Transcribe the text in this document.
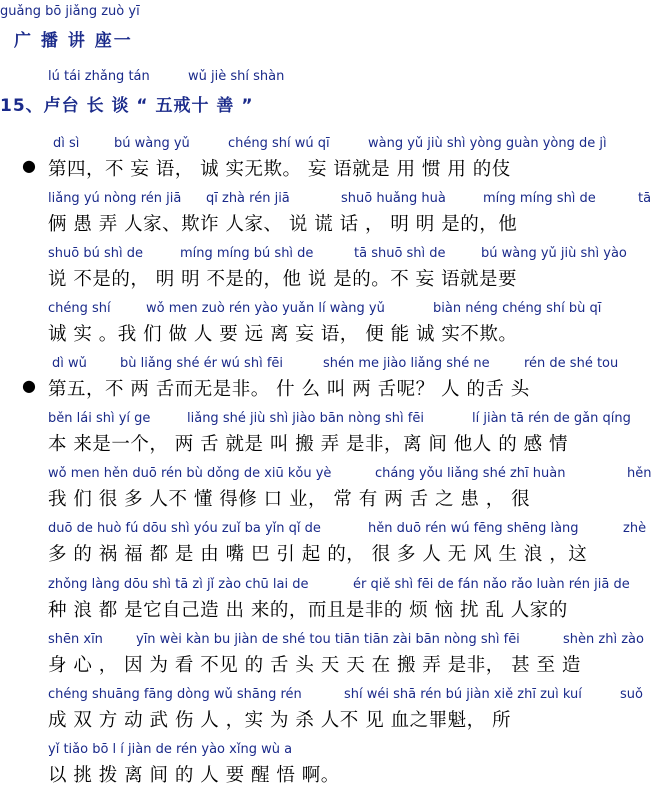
guǎng bō jiǎng zuò yī
广 播 讲 座一
lú tái zhǎng tán	wǔ jiè shí shàn
15、卢台 长 谈 “ 五戒十 善 ”
●
dì sì	bú wàng yǔ	chéng shí wú qī	wàng yǔ jiù shì yòng guàn yòng de jì
第四，不 妄 语， 诚 实无欺。 妄 语就是 用 惯 用 的伎
liǎng yú nòng rén jiā qī zhà rén jiā	shuō huǎng huà	míng míng shì de	tā
俩 愚 弄 人家、欺诈 人家、 说 谎 话 ， 明 明 是的，他
shuō bú shì de	míng míng bú shì de	tā shuō shì de	bú wàng yǔ jiù shì yào
说 不是的， 明 明 不是的，他 说 是的。不 妄 语就是要
chéng shí	wǒ men zuò rén yào yuǎn lí wàng yǔ	biàn néng chéng shí bù qī
诚 实 。我 们 做 人 要 远 离 妄 语， 便 能 诚 实不欺。
●
dì wǔ	bù liǎng shé ér wú shì fēi	shén me jiào liǎng shé ne	rén de shé tou
第五，不 两 舌而无是非。 什 么 叫 两 舌呢？ 人 的舌 头
běn lái shì yí ge	liǎng shé jiù shì jiào bān nòng shì fēi	lí jiàn tā rén de gǎn qíng
本 来是一个， 两 舌 就是 叫 搬 弄 是非，离 间 他人 的 感 情
wǒ men hěn duō rén bù dǒng de xiū kǒu yè	cháng yǒu liǎng shé zhī huàn	hěn
我 们 很 多 人不 懂 得修 口 业， 常 有 两 舌 之 患 ， 很
duō de huò fú dōu shì yóu zuǐ ba yǐn qǐ de	hěn duō rén wú fēng shēng làng	zhè
多 的 祸 福 都 是 由 嘴 巴 引 起 的， 很 多 人 无 风 生 浪 ，这
zhǒng làng dōu shì tā zì jǐ zào chū lai de	ér qiě shì fēi de fán nǎo rǎo luàn rén jiā de
种 浪 都 是它自己造 出 来的，而且是非的 烦 恼 扰 乱 人家的
shēn xīn	yīn wèi kàn bu jiàn de shé tou tiān tiān zài bān nòng shì fēi	shèn zhì zào
身 心 ， 因 为 看 不见 的 舌 头 天 天 在 搬 弄 是非， 甚 至 造
chéng shuāng fāng dòng wǔ shāng rén	shí wéi shā rén bú jiàn xiě zhī zuì kuí	suǒ
成 双 方 动 武 伤 人 ，实 为 杀 人不 见 血之罪魁， 所
yǐ tiǎo bō l í jiàn de rén yào xǐng wù a
以 挑 拨 离 间 的 人 要 醒 悟 啊。
